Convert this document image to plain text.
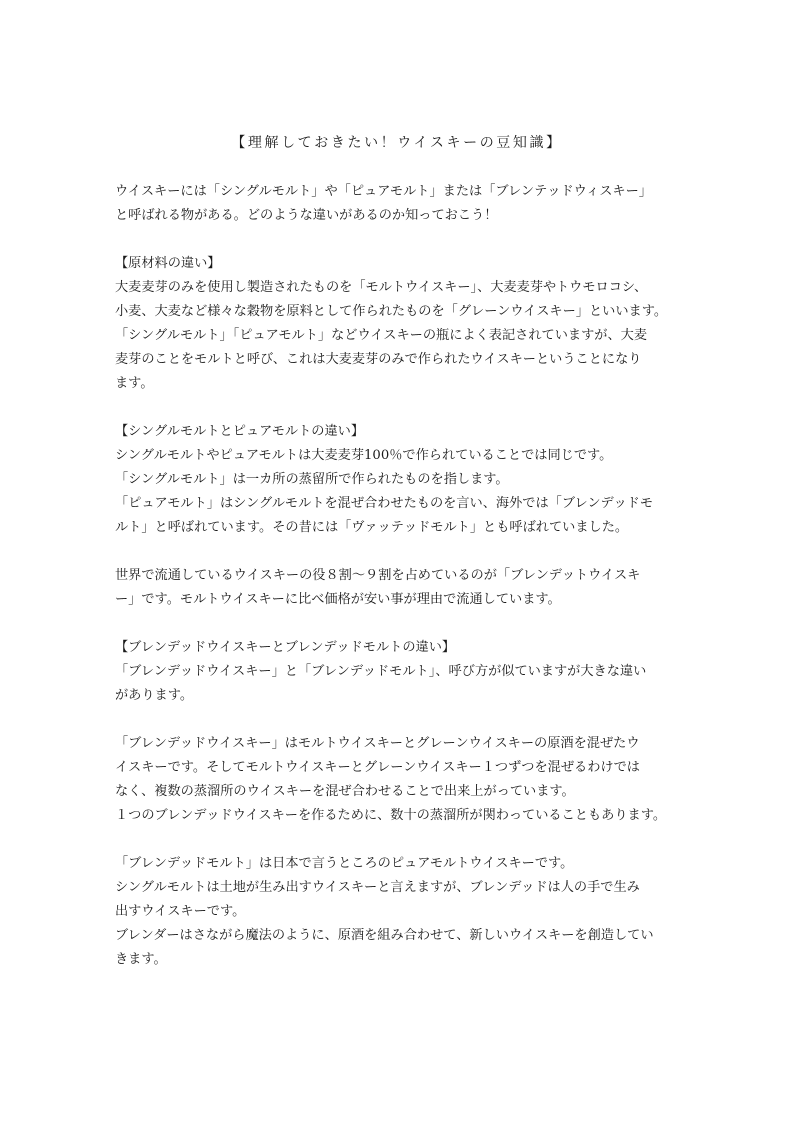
【理解しておきたい！ウイスキーの豆知識】
ウイスキーには「シングルモルト」や「ピュアモルト」または「ブレンテッドウィスキー」
と呼ばれる物がある。どのような違いがあるのか知っておこう！
【原材料の違い】
大麦麦芽のみを使用し製造されたものを「モルトウイスキー」、大麦麦芽やトウモロコシ、
小麦、大麦など様々な穀物を原料として作られたものを「グレーンウイスキー」といいます。
「シングルモルト」「ピュアモルト」などウイスキーの瓶によく表記されていますが、大麦
麦芽のことをモルトと呼び、これは大麦麦芽のみで作られたウイスキーということになり
ます。
【シングルモルトとピュアモルトの違い】
シングルモルトやピュアモルトは大麦麦芽100％で作られていることでは同じです。
「シングルモルト」は一カ所の蒸留所で作られたものを指します。
「ピュアモルト」はシングルモルトを混ぜ合わせたものを言い、海外では「ブレンデッドモ
ルト」と呼ばれています。その昔には「ヴァッテッドモルト」とも呼ばれていました。
世界で流通しているウイスキーの役８割～９割を占めているのが「ブレンデットウイスキ
ー」です。モルトウイスキーに比べ価格が安い事が理由で流通しています。
【ブレンデッドウイスキーとブレンデッドモルトの違い】
「ブレンデッドウイスキー」と「ブレンデッドモルト」、呼び方が似ていますが大きな違い
があります。
「ブレンデッドウイスキー」はモルトウイスキーとグレーンウイスキーの原酒を混ぜたウ
イスキーです。そしてモルトウイスキーとグレーンウイスキー１つずつを混ぜるわけでは
なく、複数の蒸溜所のウイスキーを混ぜ合わせることで出来上がっています。
１つのブレンデッドウイスキーを作るために、数十の蒸溜所が関わっていることもあります。
「ブレンデッドモルト」は日本で言うところのピュアモルトウイスキーです。
シングルモルトは土地が生み出すウイスキーと言えますが、ブレンデッドは人の手で生み
出すウイスキーです。
ブレンダーはさながら魔法のように、原酒を組み合わせて、新しいウイスキーを創造してい
きます。
